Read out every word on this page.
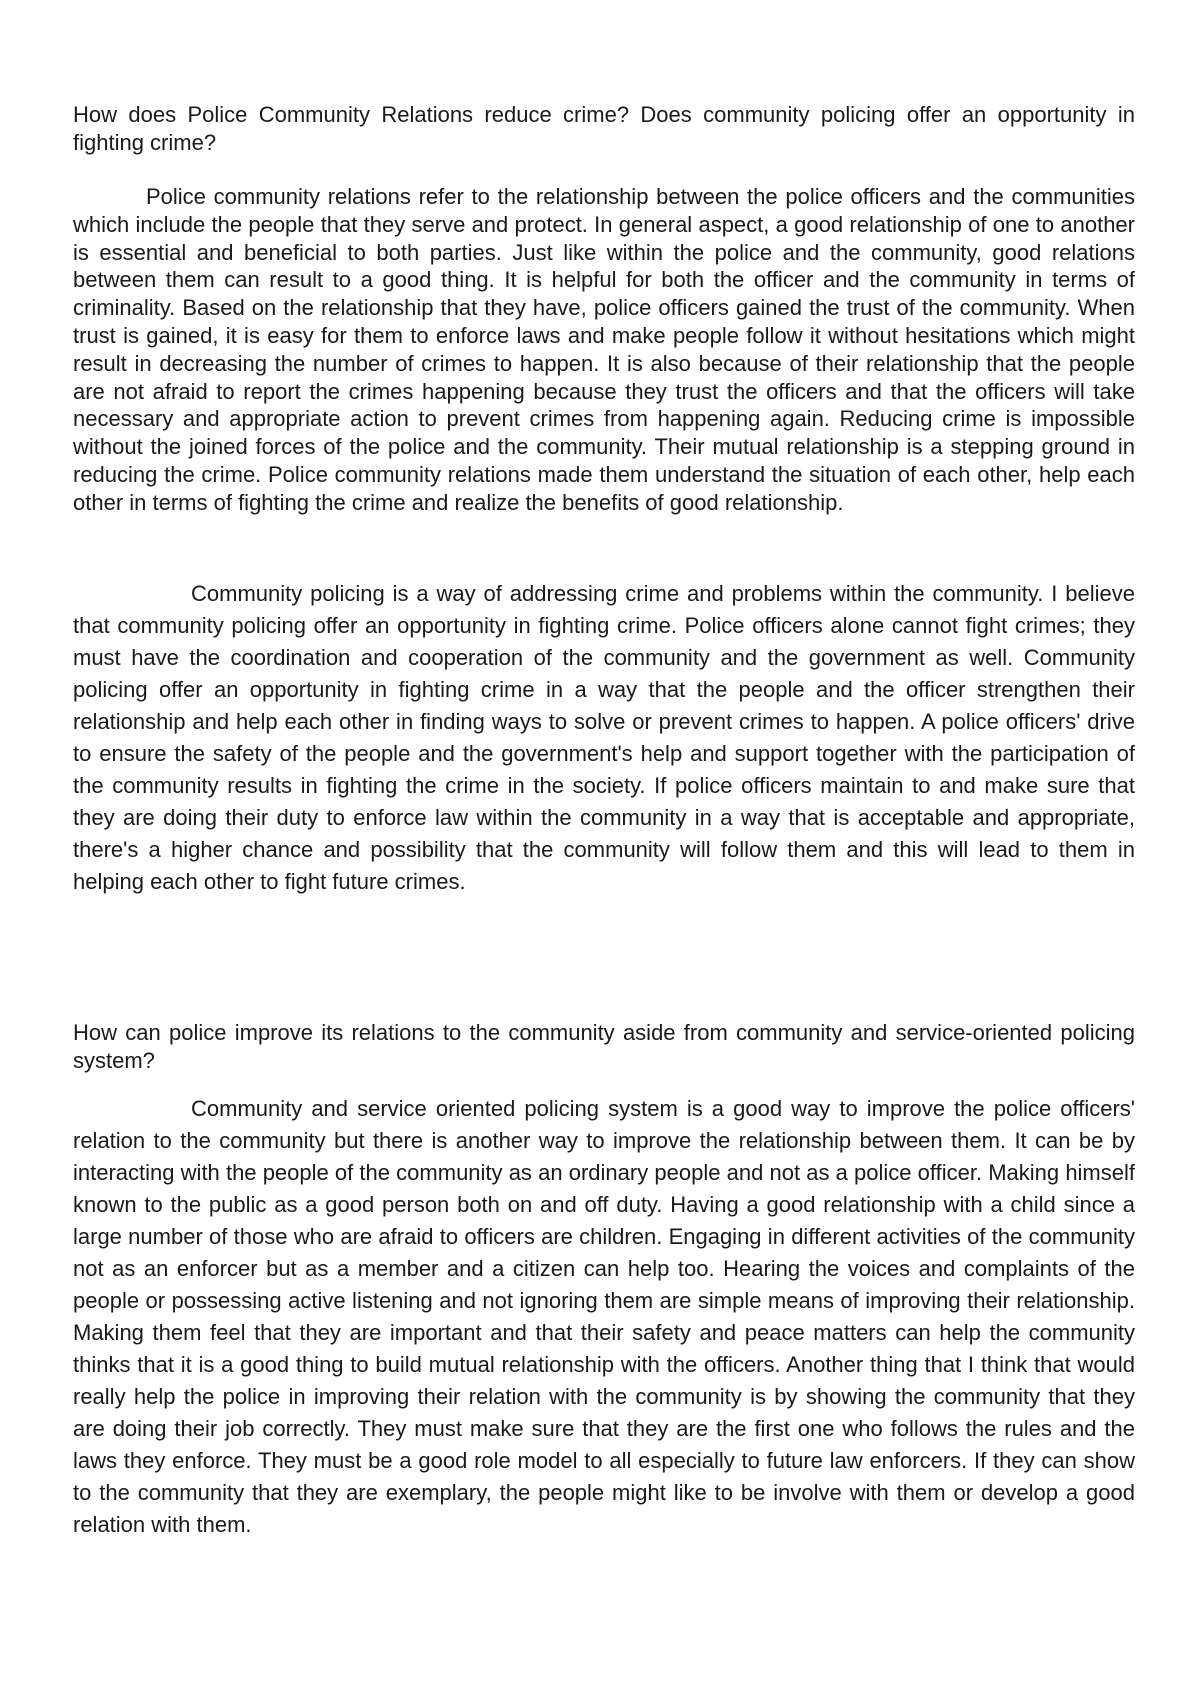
How does Police Community Relations reduce crime? Does community policing offer an opportunity in fighting crime?

Police community relations refer to the relationship between the police officers and the communities which include the people that they serve and protect. In general aspect, a good relationship of one to another is essential and beneficial to both parties. Just like within the police and the community, good relations between them can result to a good thing. It is helpful for both the officer and the community in terms of criminality. Based on the relationship that they have, police officers gained the trust of the community. When trust is gained, it is easy for them to enforce laws and make people follow it without hesitations which might result in decreasing the number of crimes to happen. It is also because of their relationship that the people are not afraid to report the crimes happening because they trust the officers and that the officers will take necessary and appropriate action to prevent crimes from happening again. Reducing crime is impossible without the joined forces of the police and the community. Their mutual relationship is a stepping ground in reducing the crime. Police community relations made them understand the situation of each other, help each other in terms of fighting the crime and realize the benefits of good relationship.

Community policing is a way of addressing crime and problems within the community. I believe that community policing offer an opportunity in fighting crime. Police officers alone cannot fight crimes; they must have the coordination and cooperation of the community and the government as well. Community policing offer an opportunity in fighting crime in a way that the people and the officer strengthen their relationship and help each other in finding ways to solve or prevent crimes to happen. A police officers' drive to ensure the safety of the people and the government's help and support together with the participation of the community results in fighting the crime in the society. If police officers maintain to and make sure that they are doing their duty to enforce law within the community in a way that is acceptable and appropriate, there's a higher chance and possibility that the community will follow them and this will lead to them in helping each other to fight future crimes.

How can police improve its relations to the community aside from community and service-oriented policing system?

Community and service oriented policing system is a good way to improve the police officers' relation to the community but there is another way to improve the relationship between them. It can be by interacting with the people of the community as an ordinary people and not as a police officer. Making himself known to the public as a good person both on and off duty. Having a good relationship with a child since a large number of those who are afraid to officers are children. Engaging in different activities of the community not as an enforcer but as a member and a citizen can help too. Hearing the voices and complaints of the people or possessing active listening and not ignoring them are simple means of improving their relationship. Making them feel that they are important and that their safety and peace matters can help the community thinks that it is a good thing to build mutual relationship with the officers. Another thing that I think that would really help the police in improving their relation with the community is by showing the community that they are doing their job correctly. They must make sure that they are the first one who follows the rules and the laws they enforce. They must be a good role model to all especially to future law enforcers. If they can show to the community that they are exemplary, the people might like to be involve with them or develop a good relation with them.
